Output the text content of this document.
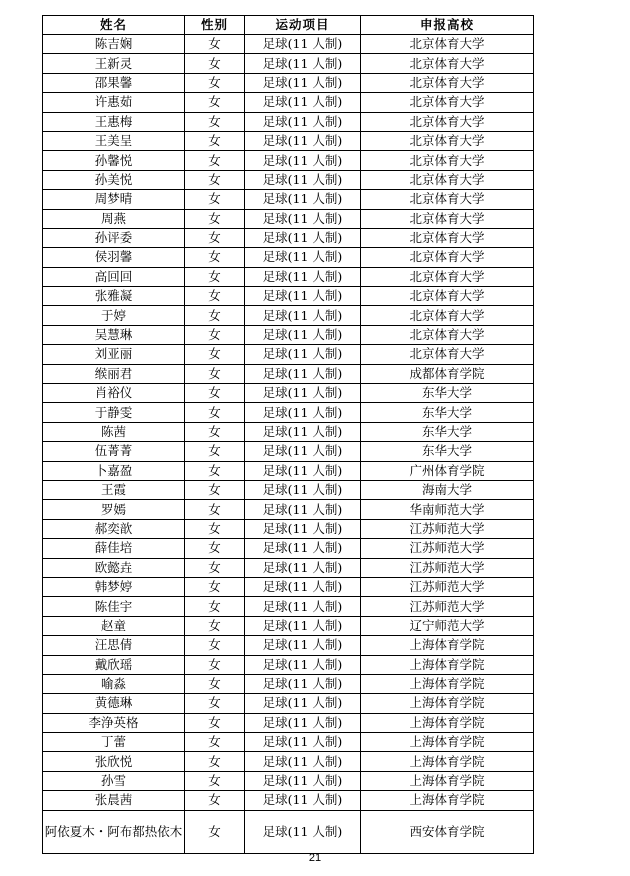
姓名	性别	运动项目	申报高校
陈吉娴	女	足球(11 人制)	北京体育大学
王新灵	女	足球(11 人制)	北京体育大学
邵果馨	女	足球(11 人制)	北京体育大学
许惠茹	女	足球(11 人制)	北京体育大学
王惠梅	女	足球(11 人制)	北京体育大学
王美呈	女	足球(11 人制)	北京体育大学
孙馨悦	女	足球(11 人制)	北京体育大学
孙美悦	女	足球(11 人制)	北京体育大学
周梦晴	女	足球(11 人制)	北京体育大学
周燕	女	足球(11 人制)	北京体育大学
孙评委	女	足球(11 人制)	北京体育大学
侯羽馨	女	足球(11 人制)	北京体育大学
高回回	女	足球(11 人制)	北京体育大学
张雅凝	女	足球(11 人制)	北京体育大学
于婷	女	足球(11 人制)	北京体育大学
吴慧琳	女	足球(11 人制)	北京体育大学
刘亚丽	女	足球(11 人制)	北京体育大学
缑丽君	女	足球(11 人制)	成都体育学院
肖裕仪	女	足球(11 人制)	东华大学
于静雯	女	足球(11 人制)	东华大学
陈茜	女	足球(11 人制)	东华大学
伍菁菁	女	足球(11 人制)	东华大学
卜嘉盈	女	足球(11 人制)	广州体育学院
王霞	女	足球(11 人制)	海南大学
罗嫣	女	足球(11 人制)	华南师范大学
郝奕歆	女	足球(11 人制)	江苏师范大学
薛佳培	女	足球(11 人制)	江苏师范大学
欧懿垚	女	足球(11 人制)	江苏师范大学
韩梦婷	女	足球(11 人制)	江苏师范大学
陈佳宇	女	足球(11 人制)	江苏师范大学
赵童	女	足球(11 人制)	辽宁师范大学
汪思倩	女	足球(11 人制)	上海体育学院
戴欣瑶	女	足球(11 人制)	上海体育学院
喻淼	女	足球(11 人制)	上海体育学院
黄德琳	女	足球(11 人制)	上海体育学院
李浄英格	女	足球(11 人制)	上海体育学院
丁蕾	女	足球(11 人制)	上海体育学院
张欣悦	女	足球(11 人制)	上海体育学院
孙雪	女	足球(11 人制)	上海体育学院
张晨茜	女	足球(11 人制)	上海体育学院
阿依夏木・阿布都热依木	女	足球(11 人制)	西安体育学院
21
